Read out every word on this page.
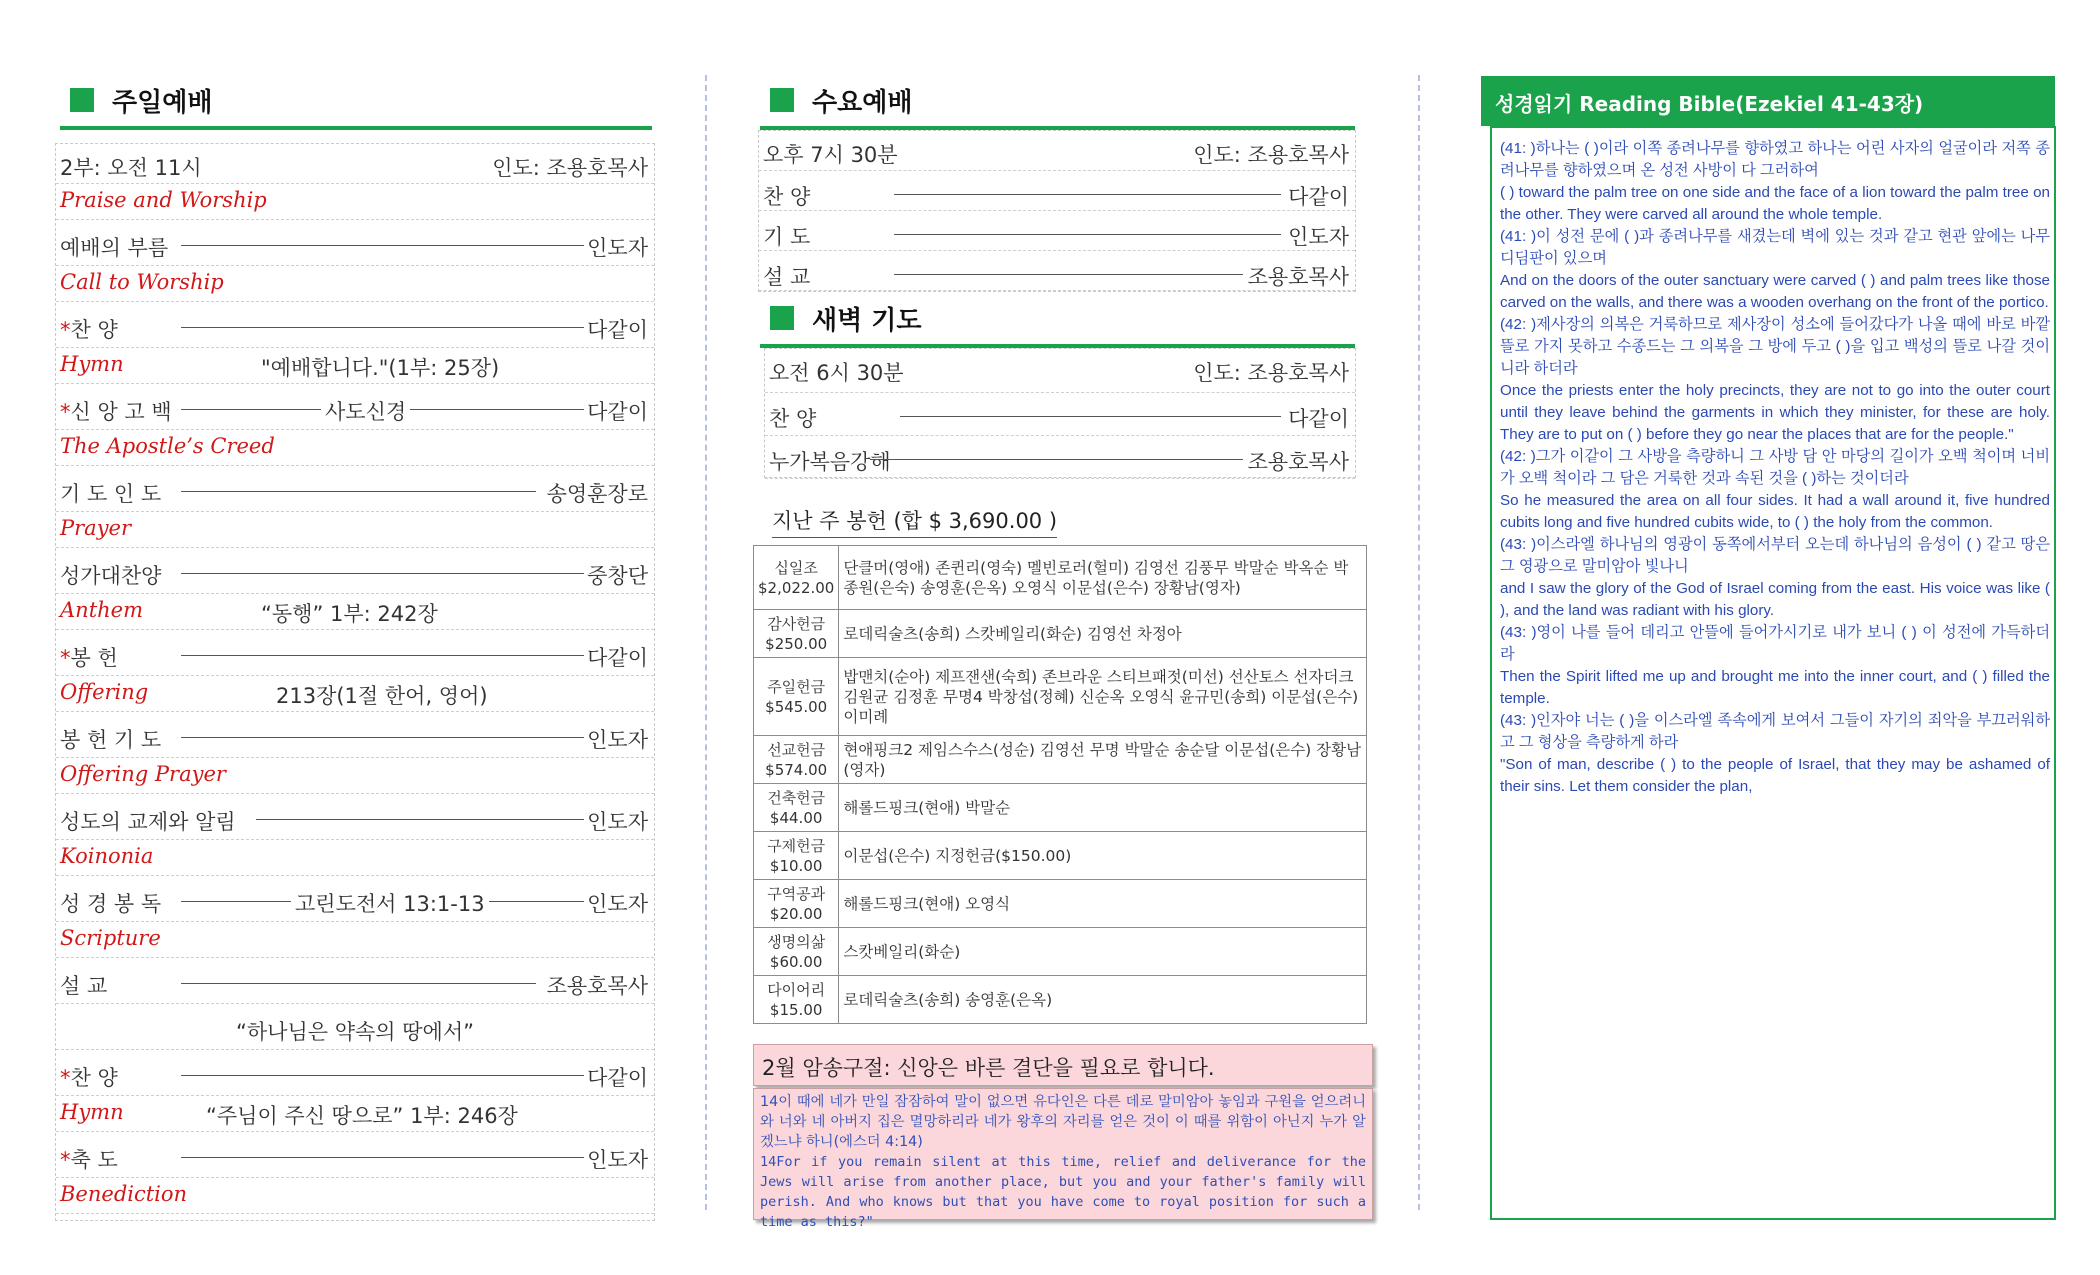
주일예배
2부: 오전 11시	인도: 조용호목사
Praise and Worship
예배의 부름	인도자
Call to Worship
*찬 양	다같이
Hymn	"예배합니다."(1부: 25장)
*신 앙 고 백	다같이
사도신경
The Apostle’s Creed
기 도 인 도	송영훈장로
Prayer
성가대찬양	중창단
Anthem	“동행” 1부: 242장
*봉 헌	다같이
Offering	213장(1절 한어, 영어)
봉 헌 기 도	인도자
Offering Prayer
성도의 교제와 알림	인도자
Koinonia
성 경 봉 독	인도자
고린도전서 13:1-13
Scripture
설 교	조용호목사
“하나님은 약속의 땅에서”
*찬 양	다같이
Hymn	“주님이 주신 땅으로” 1부: 246장
*축 도	인도자
Benediction
수요예배
오후 7시 30분	인도: 조용호목사
찬 양	다같이
기 도	인도자
설 교	조용호목사
새벽 기도
오전 6시 30분	인도: 조용호목사
찬 양	다같이
누가복음강해	조용호목사
지난 주 봉헌 (합 $ 3,690.00 )
십일조
$2,022.00	단클머(영애) 존퀸리(영숙) 멜빈로러(헐미) 김영선 김풍무 박말순 박옥순 박종원(은숙) 송영훈(은옥) 오영식 이문섭(은수) 장황남(영자)

감사헌금
$250.00	로데릭술츠(송희) 스캇베일리(화순) 김영선 차정아

주일헌금
$545.00	밥맨치(순아) 제프잰샌(숙희) 존브라운 스티브패젓(미선) 선산토스 선자더크 김원균 김정훈 무명4 박창섭(정혜) 신순옥 오영식 윤규민(송희) 이문섭(은수) 이미례

선교헌금
$574.00	현애핑크2 제임스수스(성순) 김영선 무명 박말순 송순달 이문섭(은수) 장황남(영자)

건축헌금
$44.00	해롤드핑크(현애) 박말순

구제헌금
$10.00	이문섭(은수) 지정헌금($150.00)

구역공과
$20.00	해롤드핑크(현애) 오영식

생명의삶
$60.00	스캇베일리(화순)

다이어리
$15.00	로데릭술츠(송희) 송영훈(은옥)
2월 암송구절: 신앙은 바른 결단을 필요로 합니다.
14이 때에 네가 만일 잠잠하여 말이 없으면 유다인은 다른 데로 말미암아 놓임과 구원을 얻으려니와 너와 네 아버지 집은 멸망하리라 네가 왕후의 자리를 얻은 것이 이 때를 위함이 아닌지 누가 알겠느냐 하니(에스더 4:14)
14For if you remain silent at this time, relief and deliverance for the Jews will arise from another place, but you and your father's family will perish. And who knows but that you have come to royal position for such a time as this?"
성경읽기 Reading Bible(Ezekiel 41-43장)

(41: )하나는 ( )이라 이쪽 종려나무를 향하였고 하나는 어린 사자의 얼굴이라 저쪽 종려나무를 향하였으며 온 성전 사방이 다 그러하여

( ) toward the palm tree on one side and the face of a lion toward the palm tree on the other. They were carved all around the whole temple.

(41: )이 성전 문에 ( )과 종려나무를 새겼는데 벽에 있는 것과 같고 현관 앞에는 나무 디딤판이 있으며

And on the doors of the outer sanctuary were carved ( ) and palm trees like those carved on the walls, and there was a wooden overhang on the front of the portico.

(42: )제사장의 의복은 거룩하므로 제사장이 성소에 들어갔다가 나올 때에 바로 바깥뜰로 가지 못하고 수종드는 그 의복을 그 방에 두고 ( )을 입고 백성의 뜰로 나갈 것이니라 하더라

Once the priests enter the holy precincts, they are not to go into the outer court until they leave behind the garments in which they minister, for these are holy. They are to put on ( ) before they go near the places that are for the people."

(42: )그가 이같이 그 사방을 측량하니 그 사방 담 안 마당의 길이가 오백 척이며 너비가 오백 척이라 그 담은 거룩한 것과 속된 것을 ( )하는 것이더라

So he measured the area on all four sides. It had a wall around it, five hundred cubits long and five hundred cubits wide, to ( ) the holy from the common.

(43: )이스라엘 하나님의 영광이 동쪽에서부터 오는데 하나님의 음성이 ( ) 같고 땅은 그 영광으로 말미암아 빛나니

and I saw the glory of the God of Israel coming from the east. His voice was like ( ), and the land was radiant with his glory.

(43: )영이 나를 들어 데리고 안뜰에 들어가시기로 내가 보니 ( ) 이 성전에 가득하더라

Then the Spirit lifted me up and brought me into the inner court, and ( ) filled the temple.

(43: )인자야 너는 ( )을 이스라엘 족속에게 보여서 그들이 자기의 죄악을 부끄러워하고 그 형상을 측량하게 하라

"Son of man, describe ( ) to the people of Israel, that they may be ashamed of their sins. Let them consider the plan,
